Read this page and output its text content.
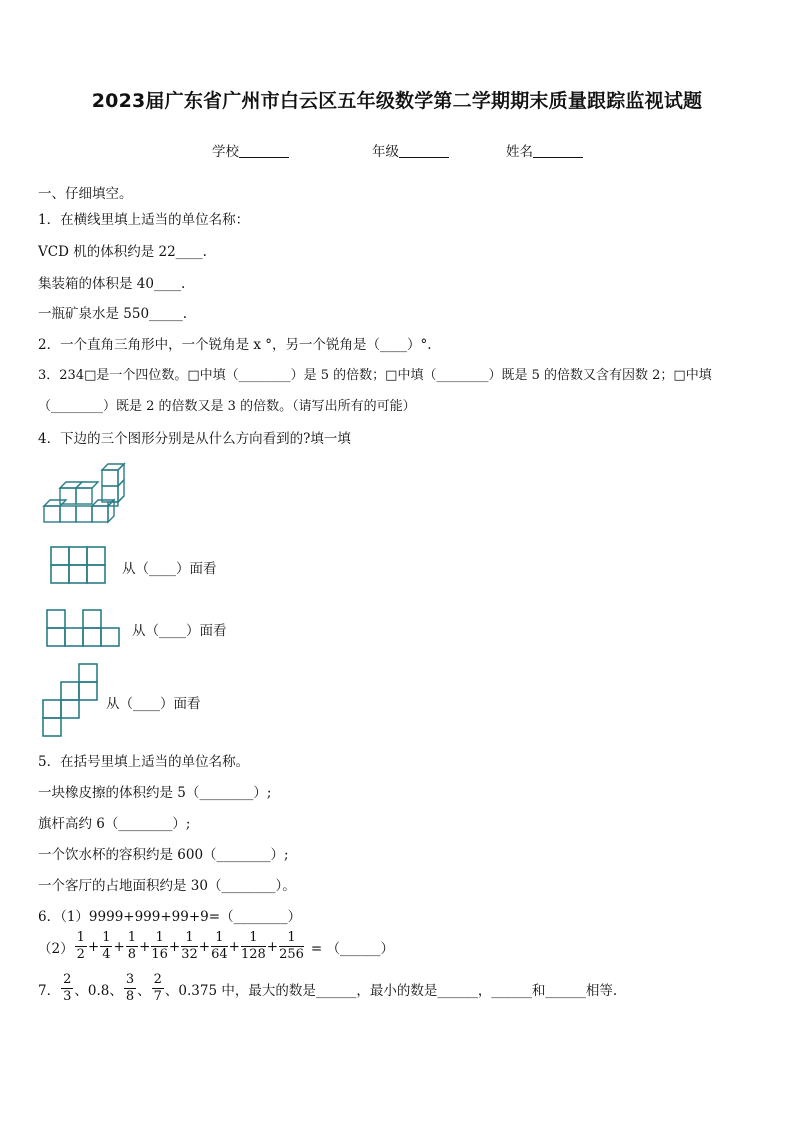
2023届广东省广州市白云区五年级数学第二学期期末质量跟踪监视试题
学校	年级	姓名
一、仔细填空。
1．在横线里填上适当的单位名称：
VCD 机的体积约是 22____.
集装箱的体积是 40____.
一瓶矿泉水是 550_____.
2．一个直角三角形中，一个锐角是 x °，另一个锐角是（____）°.
3．234□是一个四位数。□中填（________）是 5 的倍数；□中填（________）既是 5 的倍数又含有因数 2；□中填
（________）既是 2 的倍数又是 3 的倍数。（请写出所有的可能）
4．下边的三个图形分别是从什么方向看到的?填一填
从（____）面看
从（____）面看
从（____）面看
5．在括号里填上适当的单位名称。
一块橡皮擦的体积约是 5（________）;
旗杆高约 6（________）;
一个饮水杯的容积约是 600（________）;
一个客厅的占地面积约是 30（________）。
6．（1）9999+999+99+9=（________）
$(2) \frac{1}{2} + \frac{1}{4} + \frac{1}{8} + \frac{1}{16} + \frac{1}{32} + \frac{1}{64} + \frac{1}{128} + \frac{1}{256}$ = （______）
7． $\frac{2}{3}$ 、0.8、 $\frac{3}{8}$ 、 $\frac{2}{7}$ 、0.375 中，最大的数是______，最小的数是______，______和______相等.
